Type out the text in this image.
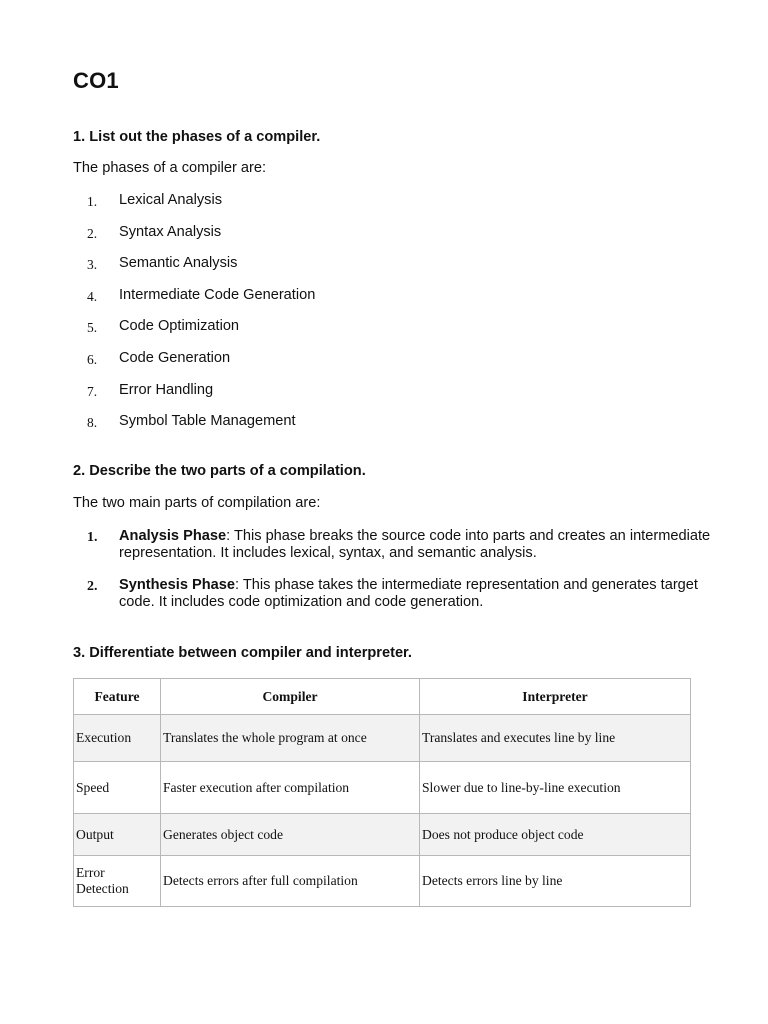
CO1

1. List out the phases of a compiler.

The phases of a compiler are:

1. Lexical Analysis
2. Syntax Analysis
3. Semantic Analysis
4. Intermediate Code Generation
5. Code Optimization
6. Code Generation
7. Error Handling
8. Symbol Table Management

2. Describe the two parts of a compilation.

The two main parts of compilation are:

1. Analysis Phase: This phase breaks the source code into parts and creates an intermediate representation. It includes lexical, syntax, and semantic analysis.
2. Synthesis Phase: This phase takes the intermediate representation and generates target code. It includes code optimization and code generation.

3. Differentiate between compiler and interpreter.

Feature	Compiler	Interpreter
Execution	Translates the whole program at once	Translates and executes line by line
Speed	Faster execution after compilation	Slower due to line-by-line execution
Output	Generates object code	Does not produce object code
Error Detection	Detects errors after full compilation	Detects errors line by line
